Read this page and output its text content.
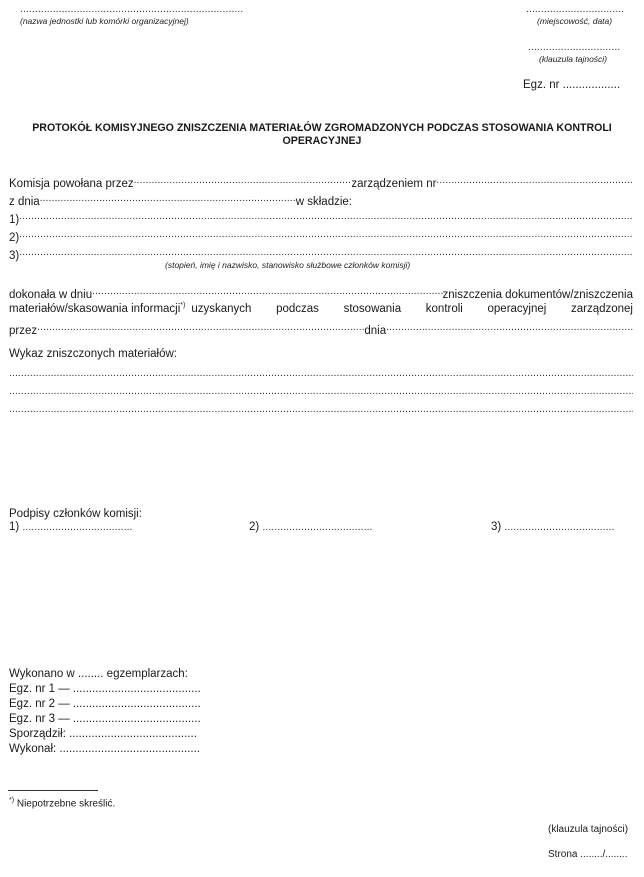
...........................................................................
(nazwa jednostki lub komórki organizacyjnej)
.................................
(miejscowość, data)
...............................
(klauzula tajności)
Egz. nr ..................
PROTOKÓŁ KOMISYJNEGO ZNISZCZENIA MATERIAŁÓW ZGROMADZONYCH PODCZAS STOSOWANIA KONTROLI OPERACYJNEJ
Komisja powołana przez .....	zarządzeniem nr
.....
z dnia .....	w składzie:
1)
.....
2)
.....
3)
.....
(stopień, imię i nazwisko, stanowisko służbowe członków komisji)
dokonała w dniu .....	zniszczenia dokumentów/zniszczenia
materiałów/skasowania informacji*) uzyskanych podczas stosowania kontroli operacyjnej zarządzonej
przez .....	dnia
.....
Wykaz zniszczonych materiałów:
.....
.....
.....
Podpisy członków komisji:
1) .....................................	2) .....................................	3) .....................................
Wykonano w ........ egzemplarzach:
Egz. nr 1 — ........................................
Egz. nr 2 — ........................................
Egz. nr 3 — ........................................
Sporządził: ........................................
Wykonał: ............................................
*) Niepotrzebne skreślić.
(klauzula tajności)
Strona ......../........
